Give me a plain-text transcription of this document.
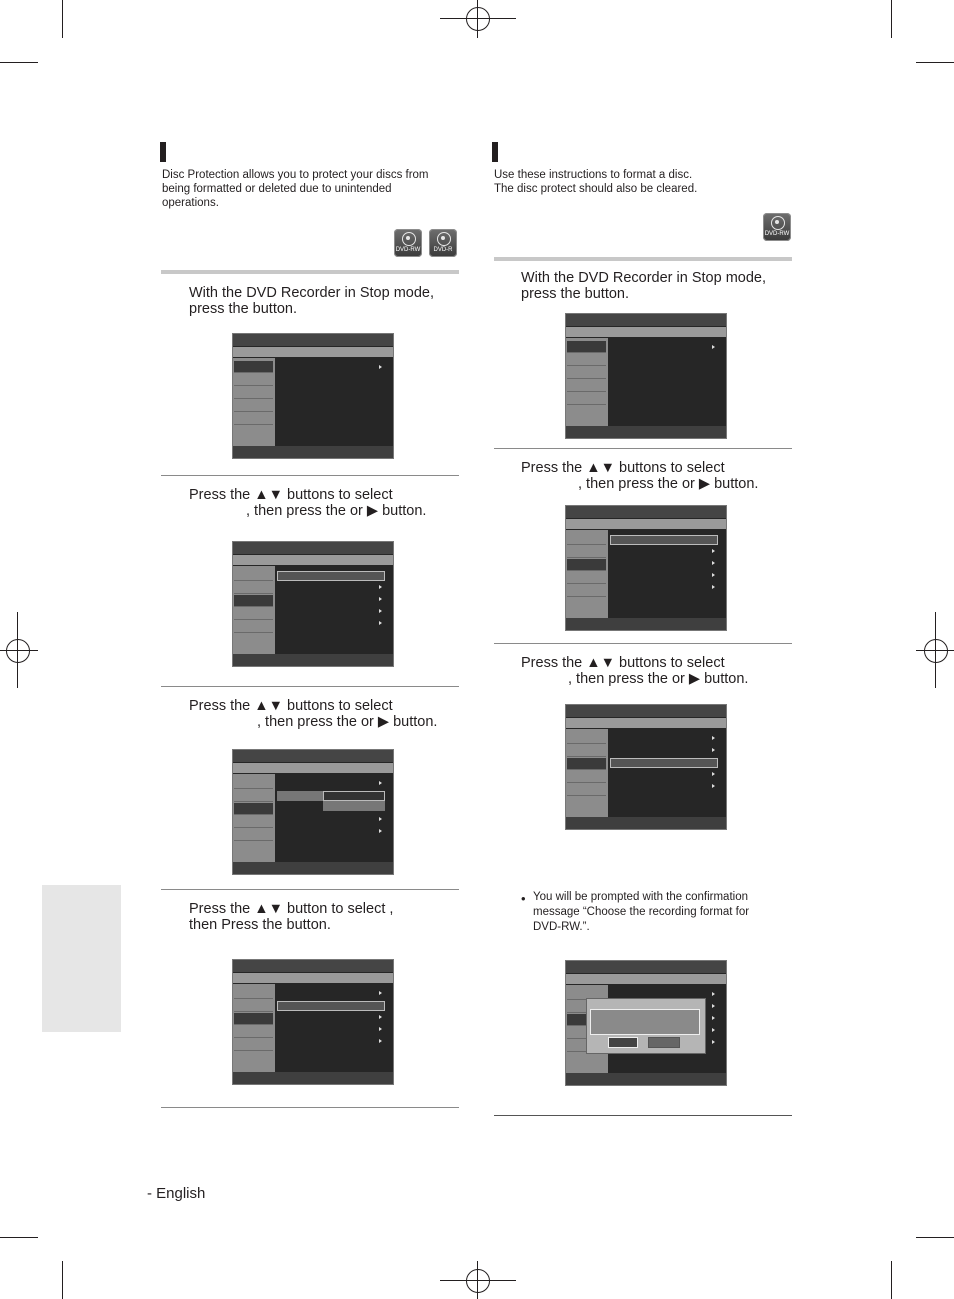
Disc Protection allows you to protect your discs from
being formatted or deleted due to unintended
operations.
DVD-RW	DVD-R
With the DVD Recorder in Stop mode,
press the button.
Press the ▲▼ buttons to select
, then press the or ▶ button.
Press the ▲▼ buttons to select
, then press the or ▶ button.
Press the ▲▼ button to select ,
then Press the button.
Use these instructions to format a disc.
The disc protect should also be cleared.
DVD-RW
With the DVD Recorder in Stop mode,
press the button.
Press the ▲▼ buttons to select
, then press the or ▶ button.
Press the ▲▼ buttons to select
, then press the or ▶ button.
• You will be prompted with the confirmation
message “Choose the recording format for
DVD-RW.”.
- English
